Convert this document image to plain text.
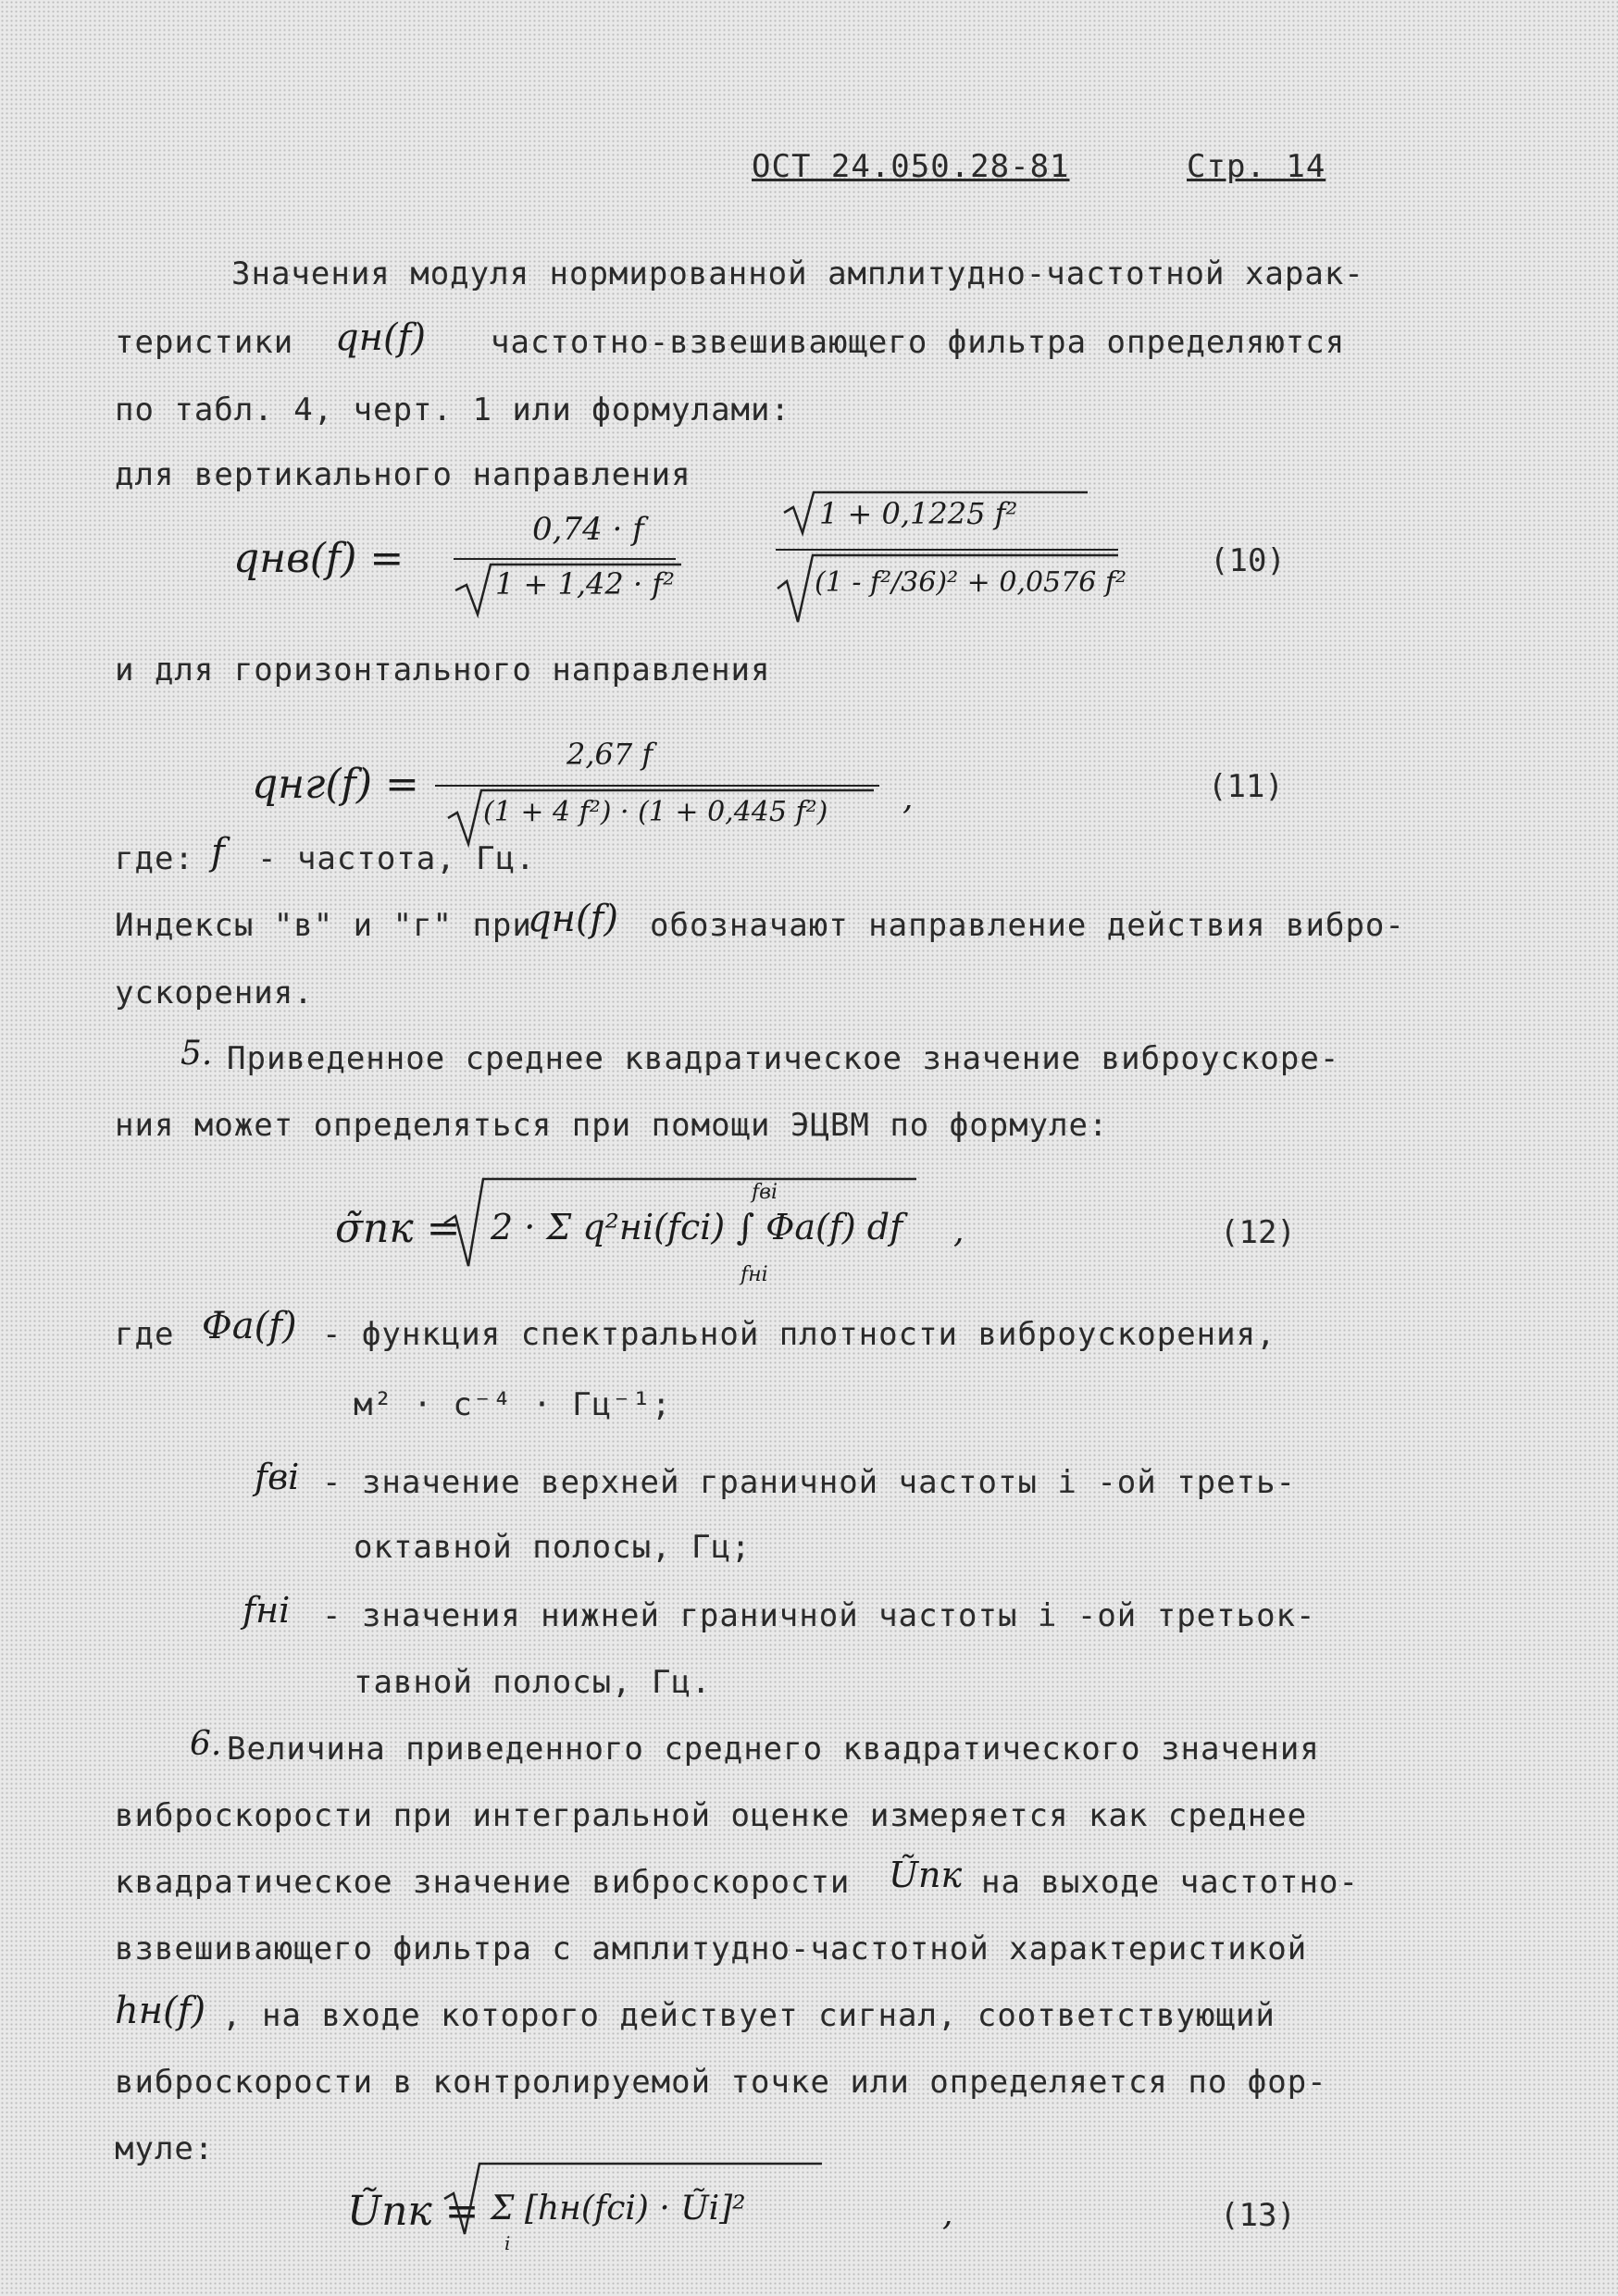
ОСТ 24.050.28-81	Стр. 14
Значения модуля нормированной амплитудно-частотной харак-
теристики qн(f) частотно-взвешивающего фильтра определяются
по табл. 4, черт. 1 или формулами:
для вертикального направления
qнв(f) =
0,74 · f
1 + 1,42 · f²
1 + 0,1225 f²
(1 - f²/36)² + 0,0576 f²
(10)
и для горизонтального направления
qнг(f) =
2,67 f
(1 + 4 f²) · (1 + 0,445 f²) ,	(11)
где: f - частота, Гц.
Индексы "в" и "г" при
qн(f) обозначают направление действия вибро-
ускорения.
5. Приведенное среднее квадратическое значение виброускоре-
ния может определяться при помощи ЭЦВМ по формуле:
σ̃пк = 2 · Σ q²нi(fci) ∫ Φa(f) df
fвi
fнi
,	(12)
где Φa(f) - функция спектральной плотности виброускорения,
м² · с⁻⁴ · Гц⁻¹;
fвi - значение верхней граничной частоты i -ой треть-
октавной полосы, Гц;
fнi - значения нижней граничной частоты i -ой третьок-
тавной полосы, Гц.
6. Величина приведенного среднего квадратического значения
виброскорости при интегральной оценке измеряется как среднее
квадратическое значение виброскорости Ũпк на выходе частотно-
взвешивающего фильтра с амплитудно-частотной характеристикой
hн(f) , на входе которого действует сигнал, соответствующий
виброскорости в контролируемой точке или определяется по фор-
муле:
Ũпк = Σ [hн(fci) · Ũi]²
i
,	(13)
